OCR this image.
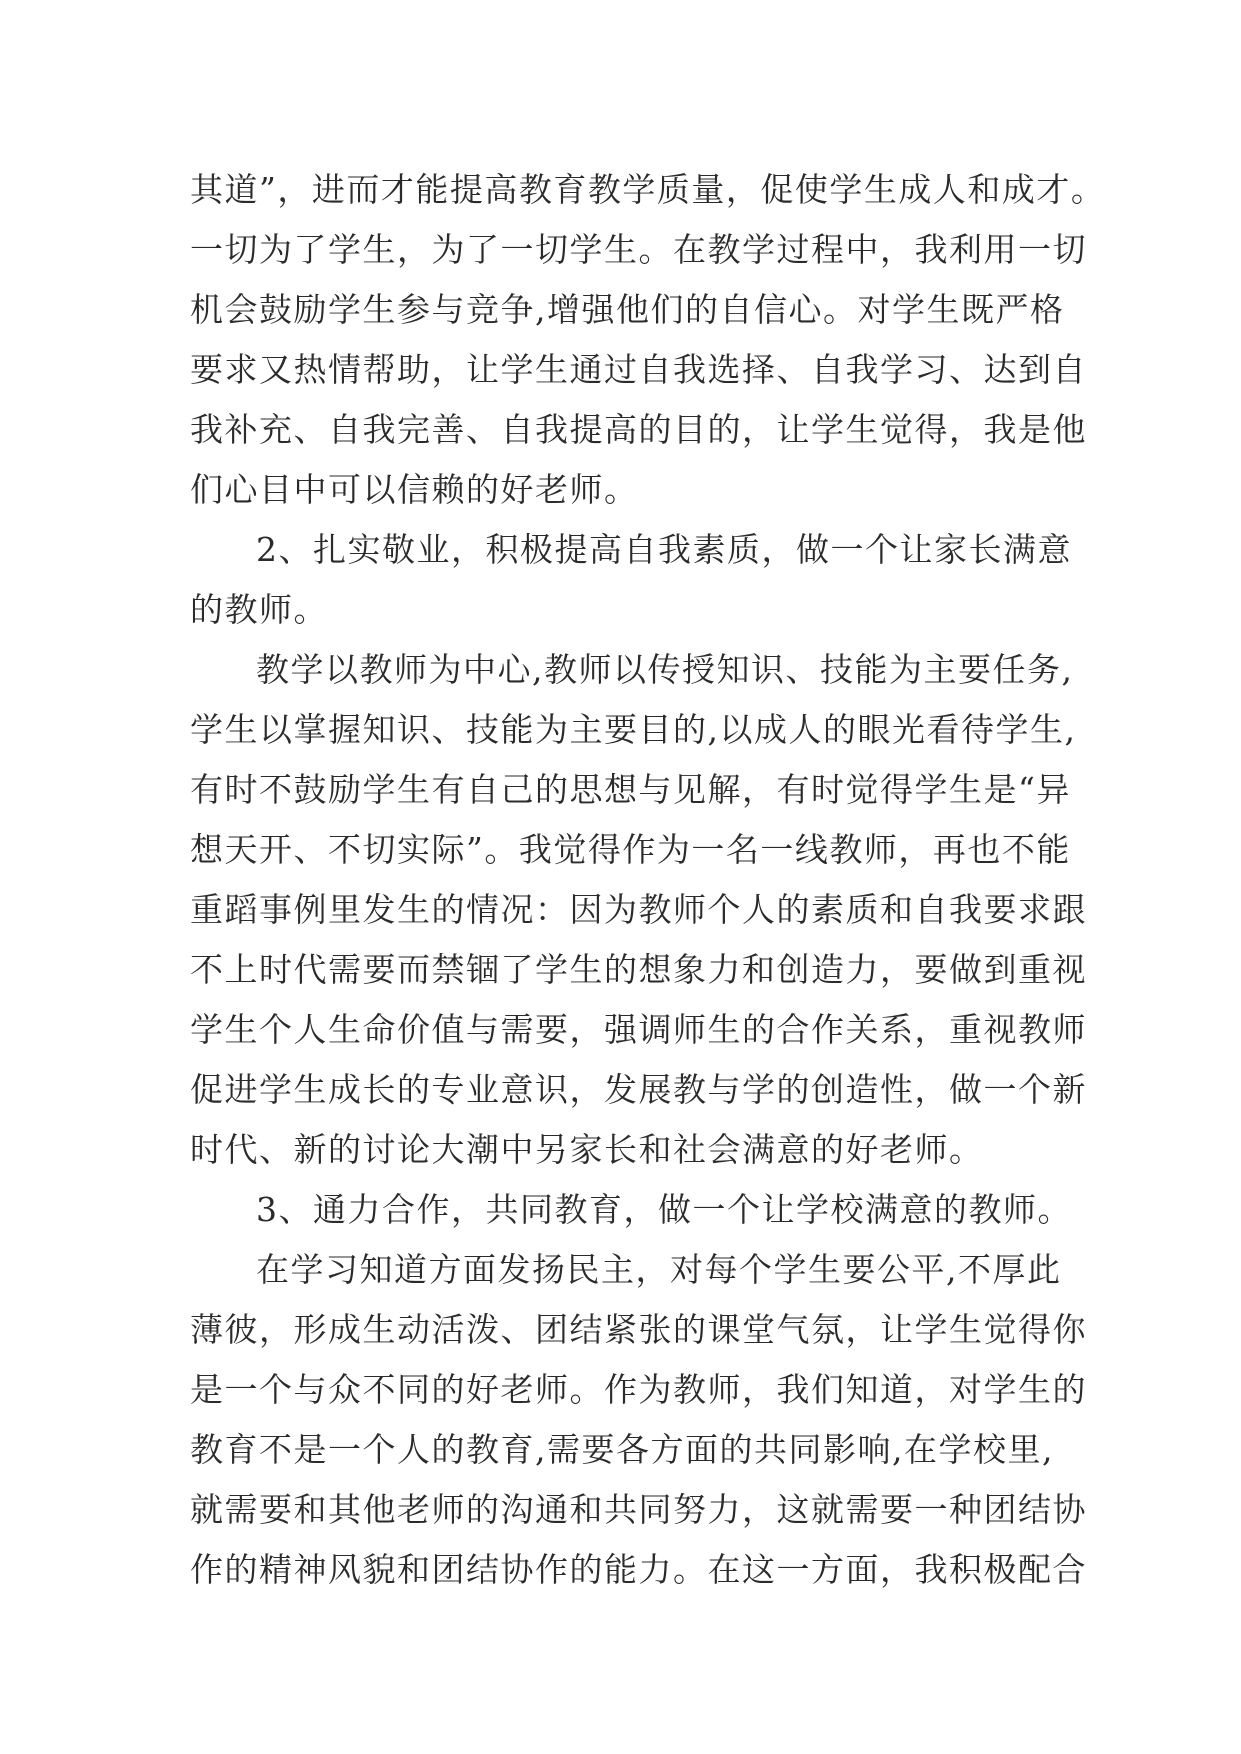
其道”，进而才能提高教育教学质量，促使学生成人和成才。
一切为了学生，为了一切学生。在教学过程中，我利用一切
机会鼓励学生参与竞争,增强他们的自信心。对学生既严格
要求又热情帮助，让学生通过自我选择、自我学习、达到自
我补充、自我完善、自我提高的目的，让学生觉得，我是他
们心目中可以信赖的好老师。
2、扎实敬业，积极提高自我素质，做一个让家长满意
的教师。
教学以教师为中心,教师以传授知识、技能为主要任务,
学生以掌握知识、技能为主要目的,以成人的眼光看待学生,
有时不鼓励学生有自己的思想与见解，有时觉得学生是“异
想天开、不切实际”。我觉得作为一名一线教师，再也不能
重蹈事例里发生的情况：因为教师个人的素质和自我要求跟
不上时代需要而禁锢了学生的想象力和创造力，要做到重视
学生个人生命价值与需要，强调师生的合作关系，重视教师
促进学生成长的专业意识，发展教与学的创造性，做一个新
时代、新的讨论大潮中另家长和社会满意的好老师。
3、通力合作，共同教育，做一个让学校满意的教师。
在学习知道方面发扬民主，对每个学生要公平,不厚此
薄彼，形成生动活泼、团结紧张的课堂气氛，让学生觉得你
是一个与众不同的好老师。作为教师，我们知道，对学生的
教育不是一个人的教育,需要各方面的共同影响,在学校里,
就需要和其他老师的沟通和共同努力，这就需要一种团结协
作的精神风貌和团结协作的能力。在这一方面，我积极配合
